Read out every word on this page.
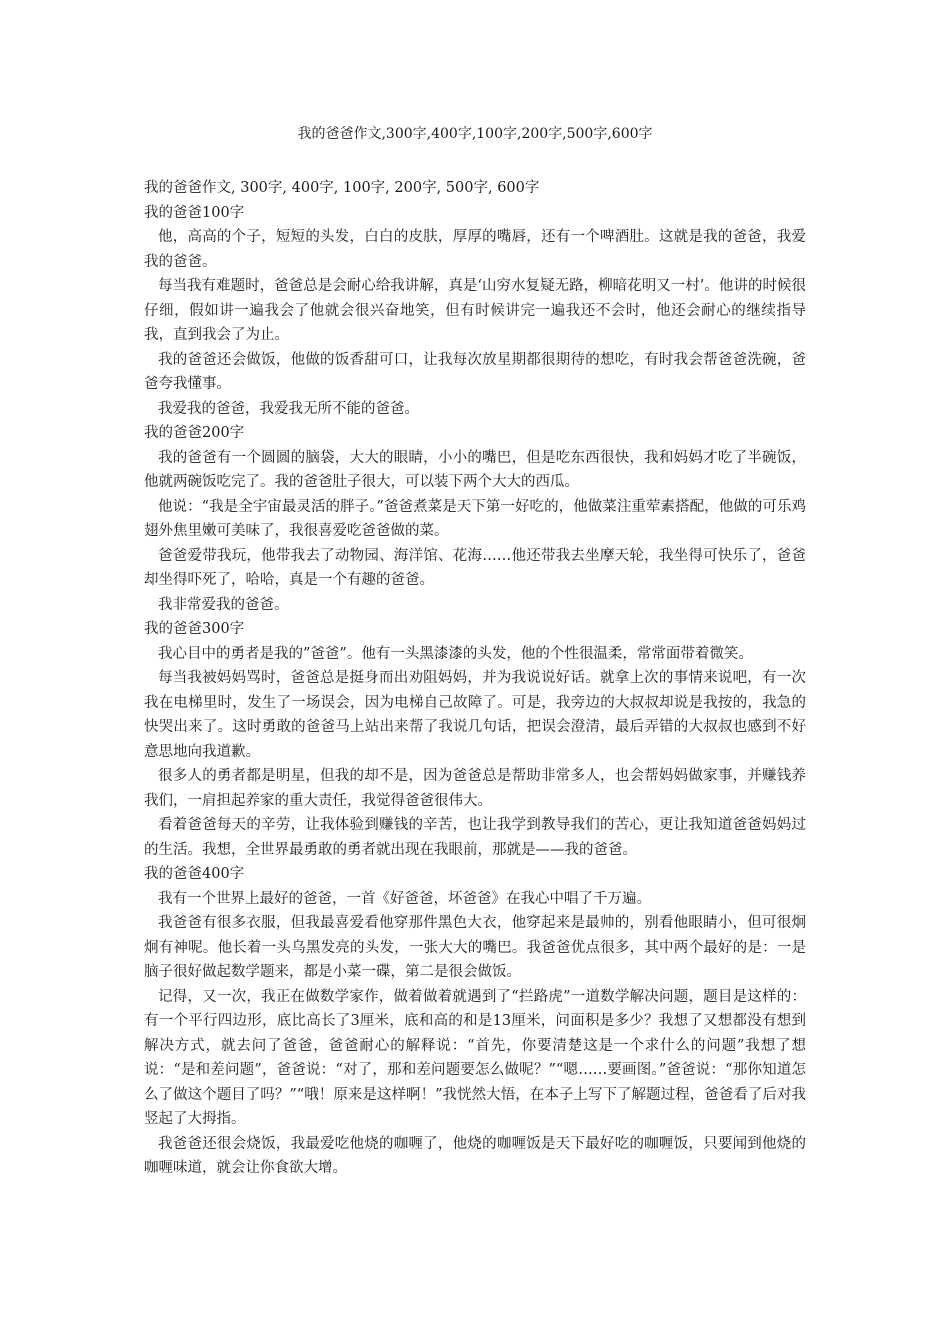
我的爸爸作文,300字,400字,100字,200字,500字,600字

我的爸爸作文, 300字, 400字, 100字, 200字, 500字, 600字

我的爸爸100字

他，高高的个子，短短的头发，白白的皮肤，厚厚的嘴唇，还有一个啤酒肚。这就是我的爸爸，我爱我的爸爸。

每当我有难题时，爸爸总是会耐心给我讲解，真是‘山穷水复疑无路，柳暗花明又一村’。他讲的时候很仔细，假如讲一遍我会了他就会很兴奋地笑，但有时候讲完一遍我还不会时，他还会耐心的继续指导我，直到我会了为止。

我的爸爸还会做饭，他做的饭香甜可口，让我每次放星期都很期待的想吃，有时我会帮爸爸洗碗，爸爸夸我懂事。

我爱我的爸爸，我爱我无所不能的爸爸。

我的爸爸200字

我的爸爸有一个圆圆的脑袋，大大的眼睛，小小的嘴巴，但是吃东西很快，我和妈妈才吃了半碗饭，他就两碗饭吃完了。我的爸爸肚子很大，可以装下两个大大的西瓜。

他说：“我是全宇宙最灵活的胖子。”爸爸煮菜是天下第一好吃的，他做菜注重荤素搭配，他做的可乐鸡翅外焦里嫩可美味了，我很喜爱吃爸爸做的菜。

爸爸爱带我玩，他带我去了动物园、海洋馆、花海……他还带我去坐摩天轮，我坐得可快乐了，爸爸却坐得吓死了，哈哈，真是一个有趣的爸爸。

我非常爱我的爸爸。

我的爸爸300字

我心目中的勇者是我的”爸爸”。他有一头黑漆漆的头发，他的个性很温柔，常常面带着微笑。

每当我被妈妈骂时，爸爸总是挺身而出劝阻妈妈，并为我说说好话。就拿上次的事情来说吧，有一次我在电梯里时，发生了一场误会，因为电梯自己故障了。可是，我旁边的大叔叔却说是我按的，我急的快哭出来了。这时勇敢的爸爸马上站出来帮了我说几句话，把误会澄清，最后弄错的大叔叔也感到不好意思地向我道歉。

很多人的勇者都是明星，但我的却不是，因为爸爸总是帮助非常多人，也会帮妈妈做家事，并赚钱养我们，一肩担起养家的重大责任，我觉得爸爸很伟大。

看着爸爸每天的辛劳，让我体验到赚钱的辛苦，也让我学到教导我们的苦心，更让我知道爸爸妈妈过的生活。我想，全世界最勇敢的勇者就出现在我眼前，那就是——我的爸爸。

我的爸爸400字

我有一个世界上最好的爸爸，一首《好爸爸，坏爸爸》在我心中唱了千万遍。

我爸爸有很多衣服，但我最喜爱看他穿那件黑色大衣，他穿起来是最帅的，别看他眼睛小，但可很炯炯有神呢。他长着一头乌黑发亮的头发，一张大大的嘴巴。我爸爸优点很多，其中两个最好的是：一是脑子很好做起数学题来，都是小菜一碟，第二是很会做饭。

记得，又一次，我正在做数学家作，做着做着就遇到了“拦路虎”一道数学解决问题，题目是这样的：有一个平行四边形，底比高长了3厘米，底和高的和是13厘米，问面积是多少？我想了又想都没有想到解决方式，就去问了爸爸，爸爸耐心的解释说：“首先，你要清楚这是一个求什么的问题”我想了想说：“是和差问题”，爸爸说：“对了，那和差问题要怎么做呢？”“嗯……要画图。”爸爸说：“那你知道怎么了做这个题目了吗？”“哦！原来是这样啊！”我恍然大悟，在本子上写下了解题过程，爸爸看了后对我竖起了大拇指。

我爸爸还很会烧饭，我最爱吃他烧的咖喱了，他烧的咖喱饭是天下最好吃的咖喱饭，只要闻到他烧的咖喱味道，就会让你食欲大增。
